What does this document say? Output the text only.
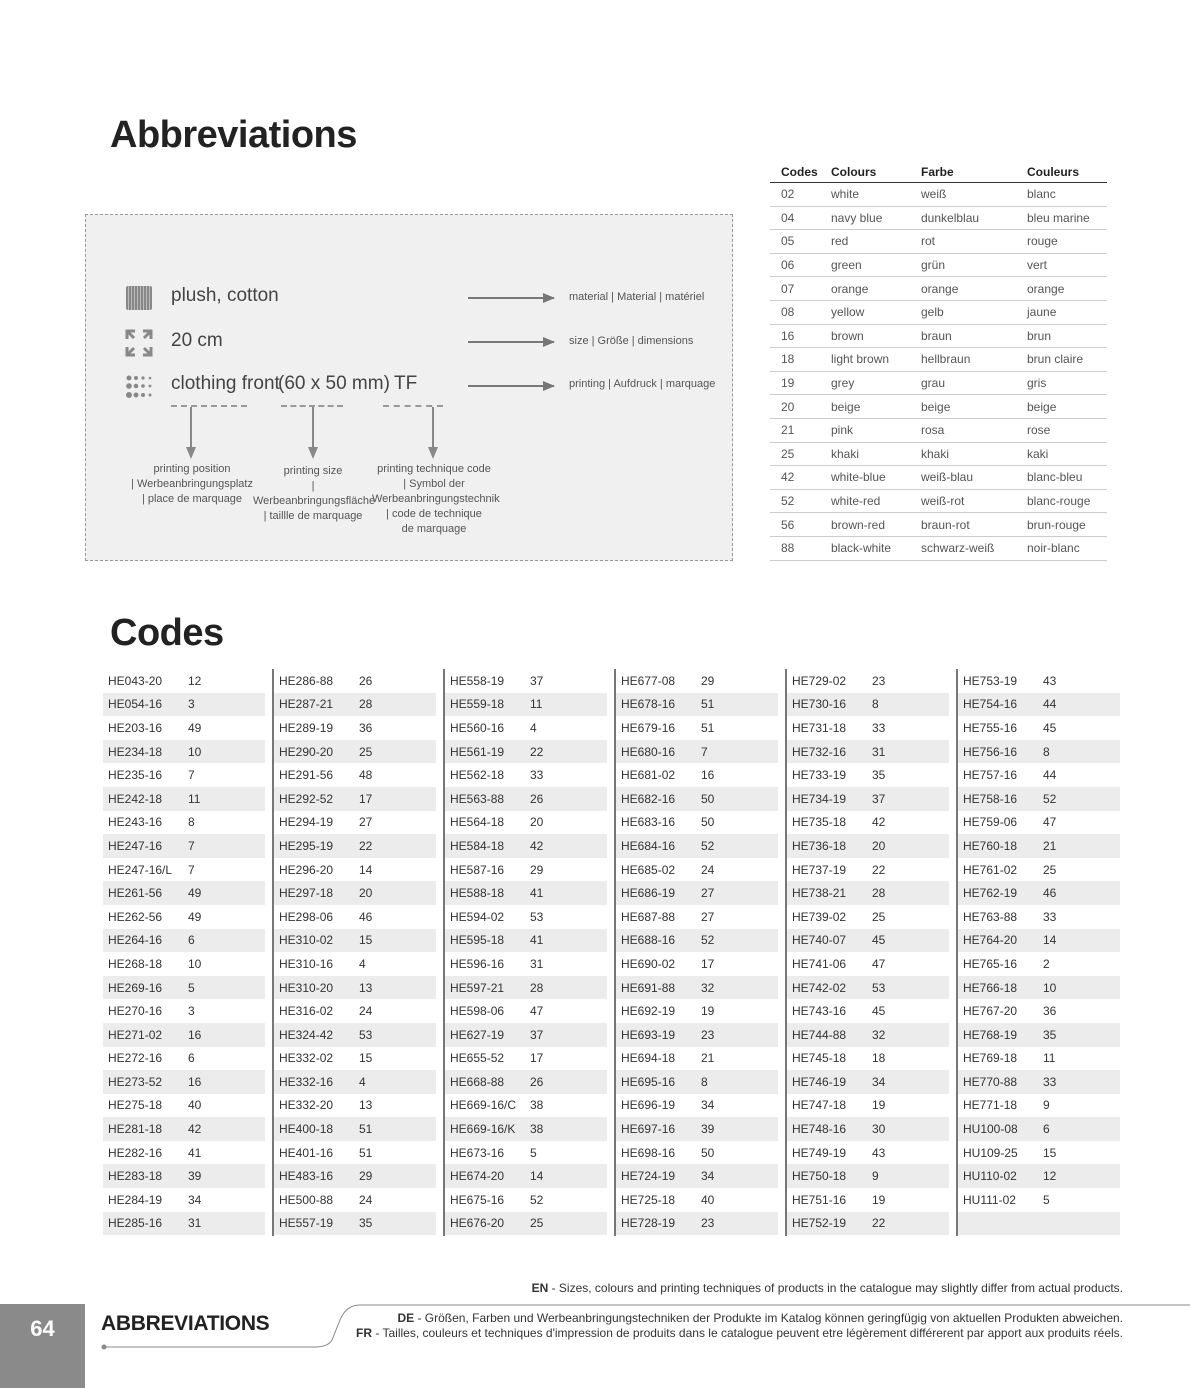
Abbreviations
plush, cotton	material | Material | matériel
20 cm	size | Größe | dimensions
clothing front
(60 x 50 mm) TF	printing | Aufdruck | marquage
printing position
| Werbeanbringungsplatz
| place de marquage
printing size
| Werbeanbringungsfläche
| taillle de marquage
printing technique code
| Symbol der
Werbeanbringungstechnik
| code de technique
de marquage
Codes	Colours	Farbe	Couleurs
02	white	weiß	blanc
04	navy blue	dunkelblau	bleu marine
05	red	rot	rouge
06	green	grün	vert
07	orange	orange	orange
08	yellow	gelb	jaune
16	brown	braun	brun
18	light brown	hellbraun	brun claire
19	grey	grau	gris
20	beige	beige	beige
21	pink	rosa	rose
25	khaki	khaki	kaki
42	white-blue	weiß-blau	blanc-bleu
52	white-red	weiß-rot	blanc-rouge
56	brown-red	braun-rot	brun-rouge
88	black-white	schwarz-weiß	noir-blanc
Codes
HE043-20	12
HE054-16	3
HE203-16	49
HE234-18	10
HE235-16	7
HE242-18	11
HE243-16	8
HE247-16	7
HE247-16/L	7
HE261-56	49
HE262-56	49
HE264-16	6
HE268-18	10
HE269-16	5
HE270-16	3
HE271-02	16
HE272-16	6
HE273-52	16
HE275-18	40
HE281-18	42
HE282-16	41
HE283-18	39
HE284-19	34
HE285-16	31
HE286-88	26
HE287-21	28
HE289-19	36
HE290-20	25
HE291-56	48
HE292-52	17
HE294-19	27
HE295-19	22
HE296-20	14
HE297-18	20
HE298-06	46
HE310-02	15
HE310-16	4
HE310-20	13
HE316-02	24
HE324-42	53
HE332-02	15
HE332-16	4
HE332-20	13
HE400-18	51
HE401-16	51
HE483-16	29
HE500-88	24
HE557-19	35
HE558-19	37
HE559-18	11
HE560-16	4
HE561-19	22
HE562-18	33
HE563-88	26
HE564-18	20
HE584-18	42
HE587-16	29
HE588-18	41
HE594-02	53
HE595-18	41
HE596-16	31
HE597-21	28
HE598-06	47
HE627-19	37
HE655-52	17
HE668-88	26
HE669-16/C	38
HE669-16/K	38
HE673-16	5
HE674-20	14
HE675-16	52
HE676-20	25
HE677-08	29
HE678-16	51
HE679-16	51
HE680-16	7
HE681-02	16
HE682-16	50
HE683-16	50
HE684-16	52
HE685-02	24
HE686-19	27
HE687-88	27
HE688-16	52
HE690-02	17
HE691-88	32
HE692-19	19
HE693-19	23
HE694-18	21
HE695-16	8
HE696-19	34
HE697-16	39
HE698-16	50
HE724-19	34
HE725-18	40
HE728-19	23
HE729-02	23
HE730-16	8
HE731-18	33
HE732-16	31
HE733-19	35
HE734-19	37
HE735-18	42
HE736-18	20
HE737-19	22
HE738-21	28
HE739-02	25
HE740-07	45
HE741-06	47
HE742-02	53
HE743-16	45
HE744-88	32
HE745-18	18
HE746-19	34
HE747-18	19
HE748-16	30
HE749-19	43
HE750-18	9
HE751-16	19
HE752-19	22
HE753-19	43
HE754-16	44
HE755-16	45
HE756-16	8
HE757-16	44
HE758-16	52
HE759-06	47
HE760-18	21
HE761-02	25
HE762-19	46
HE763-88	33
HE764-20	14
HE765-16	2
HE766-18	10
HE767-20	36
HE768-19	35
HE769-18	11
HE770-88	33
HE771-18	9
HU100-08	6
HU109-25	15
HU110-02	12
HU111-02	5
EN - Sizes, colours and printing techniques of products in the catalogue may slightly differ from actual products.
DE - Größen, Farben und Werbeanbringungstechniken der Produkte im Katalog können geringfügig von aktuellen Produkten abweichen.
FR - Tailles, couleurs et techniques d'impression de produits dans le catalogue peuvent etre légèrement différerent par apport aux produits réels.
64	ABBREVIATIONS
